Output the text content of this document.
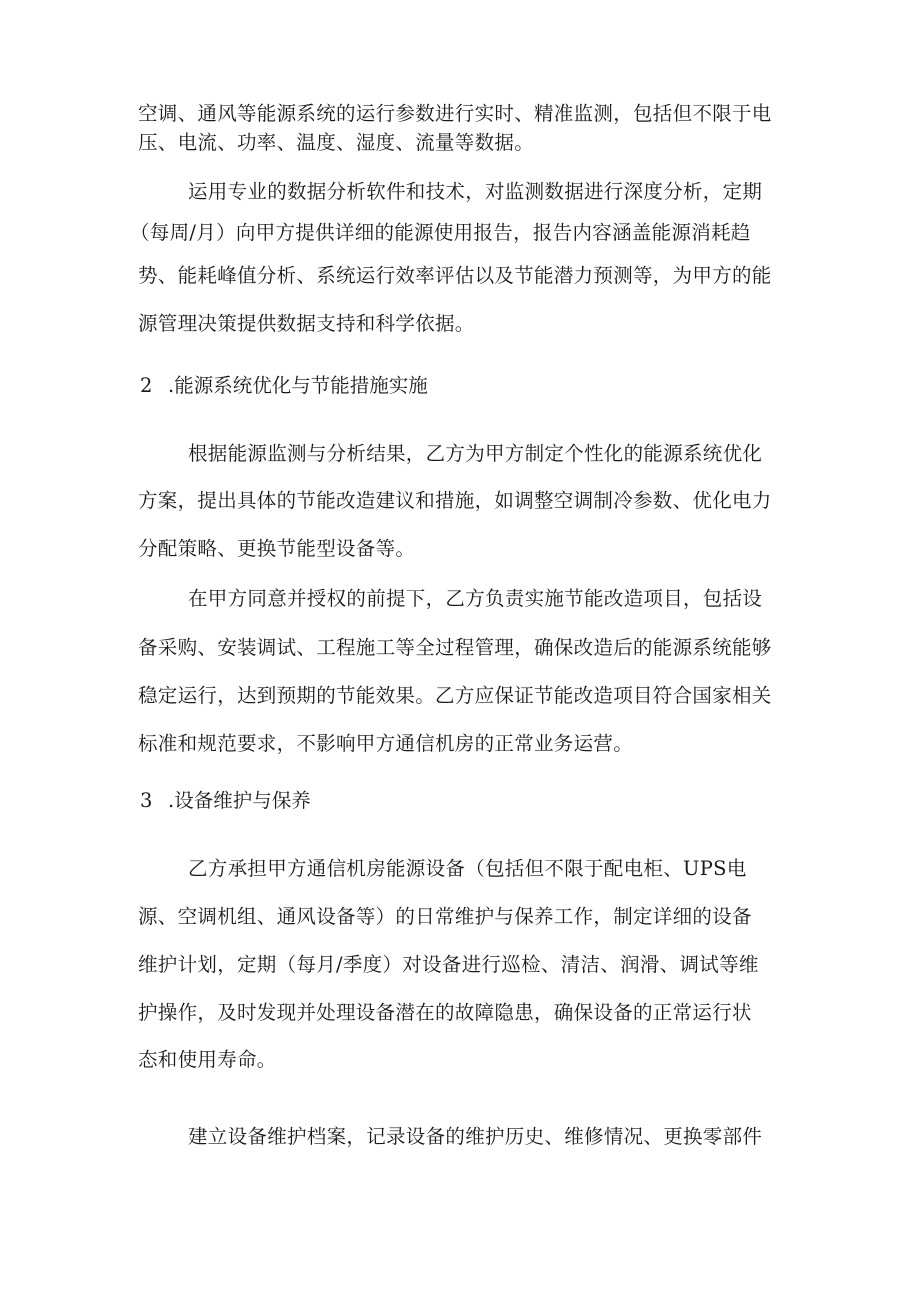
空调、通风等能源系统的运行参数进行实时、精准监测，包括但不限于电
压、电流、功率、温度、湿度、流量等数据。
运用专业的数据分析软件和技术，对监测数据进行深度分析，定期
（每周/月）向甲方提供详细的能源使用报告，报告内容涵盖能源消耗趋
势、能耗峰值分析、系统运行效率评估以及节能潜力预测等，为甲方的能
源管理决策提供数据支持和科学依据。
2 .能源系统优化与节能措施实施
根据能源监测与分析结果，乙方为甲方制定个性化的能源系统优化
方案，提出具体的节能改造建议和措施，如调整空调制冷参数、优化电力
分配策略、更换节能型设备等。
在甲方同意并授权的前提下，乙方负责实施节能改造项目，包括设
备采购、安装调试、工程施工等全过程管理，确保改造后的能源系统能够
稳定运行，达到预期的节能效果。乙方应保证节能改造项目符合国家相关
标准和规范要求，不影响甲方通信机房的正常业务运营。
3 .设备维护与保养
乙方承担甲方通信机房能源设备（包括但不限于配电柜、UPS电
源、空调机组、通风设备等）的日常维护与保养工作，制定详细的设备
维护计划，定期（每月/季度）对设备进行巡检、清洁、润滑、调试等维
护操作，及时发现并处理设备潜在的故障隐患，确保设备的正常运行状
态和使用寿命。
建立设备维护档案，记录设备的维护历史、维修情况、更换零部件
